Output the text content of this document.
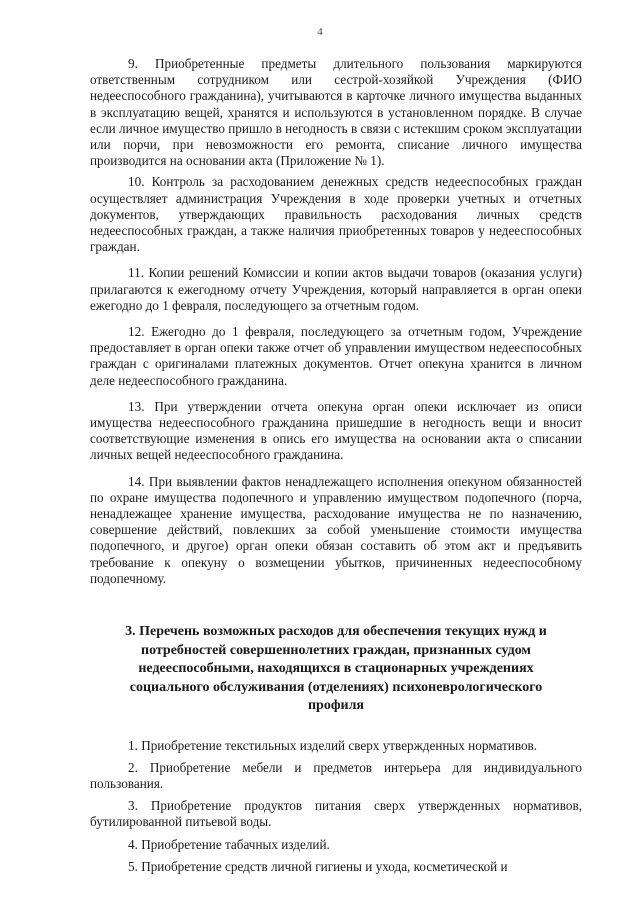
4

9. Приобретенные предметы длительного пользования маркируются ответственным сотрудником или сестрой-хозяйкой Учреждения (ФИО недееспособного гражданина), учитываются в карточке личного имущества выданных в эксплуатацию вещей, хранятся и используются в установленном порядке. В случае если личное имущество пришло в негодность в связи с истекшим сроком эксплуатации или порчи, при невозможности его ремонта, списание личного имущества производится на основании акта (Приложение № 1).

10. Контроль за расходованием денежных средств недееспособных граждан осуществляет администрация Учреждения в ходе проверки учетных и отчетных документов, утверждающих правильность расходования личных средств недееспособных граждан, а также наличия приобретенных товаров у недееспособных граждан.

11. Копии решений Комиссии и копии актов выдачи товаров (оказания услуги) прилагаются к ежегодному отчету Учреждения, который направляется в орган опеки ежегодно до 1 февраля, последующего за отчетным годом.

12. Ежегодно до 1 февраля, последующего за отчетным годом, Учреждение предоставляет в орган опеки также отчет об управлении имуществом недееспособных граждан с оригиналами платежных документов. Отчет опекуна хранится в личном деле недееспособного гражданина.

13. При утверждении отчета опекуна орган опеки исключает из описи имущества недееспособного гражданина пришедшие в негодность вещи и вносит соответствующие изменения в опись его имущества на основании акта о списании личных вещей недееспособного гражданина.

14. При выявлении фактов ненадлежащего исполнения опекуном обязанностей по охране имущества подопечного и управлению имуществом подопечного (порча, ненадлежащее хранение имущества, расходование имущества не по назначению, совершение действий, повлекших за собой уменьшение стоимости имущества подопечного, и другое) орган опеки обязан составить об этом акт и предъявить требование к опекуну о возмещении убытков, причиненных недееспособному подопечному.

3. Перечень возможных расходов для обеспечения текущих нужд и потребностей совершеннолетних граждан, признанных судом недееспособными, находящихся в стационарных учреждениях социального обслуживания (отделениях) психоневрологического профиля

1. Приобретение текстильных изделий сверх утвержденных нормативов.

2. Приобретение мебели и предметов интерьера для индивидуального пользования.

3. Приобретение продуктов питания сверх утвержденных нормативов, бутилированной питьевой воды.

4. Приобретение табачных изделий.

5. Приобретение средств личной гигиены и ухода, косметической и
